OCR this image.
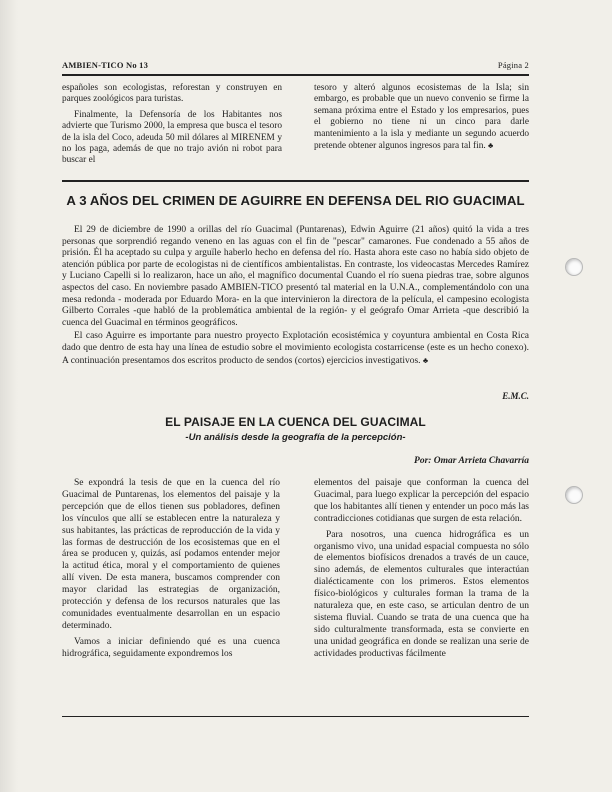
AMBIEN-TICO No 13	Página 2

españoles son ecologistas, reforestan y construyen en parques zoológicos para turistas.

Finalmente, la Defensoría de los Habitantes nos advierte que Turismo 2000, la empresa que busca el tesoro de la isla del Coco, adeuda 50 mil dólares al MIRENEM y no los paga, además de que no trajo avión ni robot para buscar el

tesoro y alteró algunos ecosistemas de la Isla; sin embargo, es probable que un nuevo convenio se firme la semana próxima entre el Estado y los empresarios, pues el gobierno no tiene ni un cinco para darle mantenimiento a la isla y mediante un segundo acuerdo pretende obtener algunos ingresos para tal fin. ♣

A 3 AÑOS DEL CRIMEN DE AGUIRRE EN DEFENSA DEL RIO GUACIMAL

El 29 de diciembre de 1990 a orillas del río Guacimal (Puntarenas), Edwin Aguirre (21 años) quitó la vida a tres personas que sorprendió regando veneno en las aguas con el fin de "pescar" camarones. Fue condenado a 55 años de prisión. Él ha aceptado su culpa y arguïle haberlo hecho en defensa del río. Hasta ahora este caso no había sido objeto de atención pública por parte de ecologistas ni de científicos ambientalistas. En contraste, los videocastas Mercedes Ramírez y Luciano Capelli si lo realizaron, hace un año, el magnífico documental Cuando el río suena piedras trae, sobre algunos aspectos del caso. En noviembre pasado AMBIEN-TICO presentó tal material en la U.N.A., complementándolo con una mesa redonda - moderada por Eduardo Mora- en la que intervinieron la directora de la película, el campesino ecologista Gilberto Corrales -que habló de la problemática ambiental de la región- y el geógrafo Omar Arrieta -que describió la cuenca del Guacimal en términos geográficos.

El caso Aguirre es importante para nuestro proyecto Explotación ecosistémica y coyuntura ambiental en Costa Rica dado que dentro de esta hay una línea de estudio sobre el movimiento ecologista costarricense (este es un hecho conexo). A continuación presentamos dos escritos producto de sendos (cortos) ejercicios investigativos. ♣

E.M.C.
EL PAISAJE EN LA CUENCA DEL GUACIMAL
-Un análisis desde la geografía de la percepción-
Por: Omar Arrieta Chavarría

Se expondrá la tesis de que en la cuenca del río Guacimal de Puntarenas, los elementos del paisaje y la percepción que de ellos tienen sus pobladores, definen los vínculos que allí se establecen entre la naturaleza y sus habitantes, las prácticas de reproducción de la vida y las formas de destrucción de los ecosistemas que en el área se producen y, quizás, así podamos entender mejor la actitud ética, moral y el comportamiento de quienes allí viven. De esta manera, buscamos comprender con mayor claridad las estrategias de organización, protección y defensa de los recursos naturales que las comunidades eventualmente desarrollan en un espacio determinado.

Vamos a iniciar definiendo qué es una cuenca hidrográfica, seguidamente expondremos los

elementos del paisaje que conforman la cuenca del Guacimal, para luego explicar la percepción del espacio que los habitantes allí tienen y entender un poco más las contradicciones cotidianas que surgen de esta relación.

Para nosotros, una cuenca hidrográfica es un organismo vivo, una unidad espacial compuesta no sólo de elementos biofísicos drenados a través de un cauce, sino además, de elementos culturales que interactúan dialécticamente con los primeros. Estos elementos físico-biológicos y culturales forman la trama de la naturaleza que, en este caso, se articulan dentro de un sistema fluvial. Cuando se trata de una cuenca que ha sido culturalmente transformada, esta se convierte en una unidad geográfica en donde se realizan una serie de actividades productivas fácilmente
